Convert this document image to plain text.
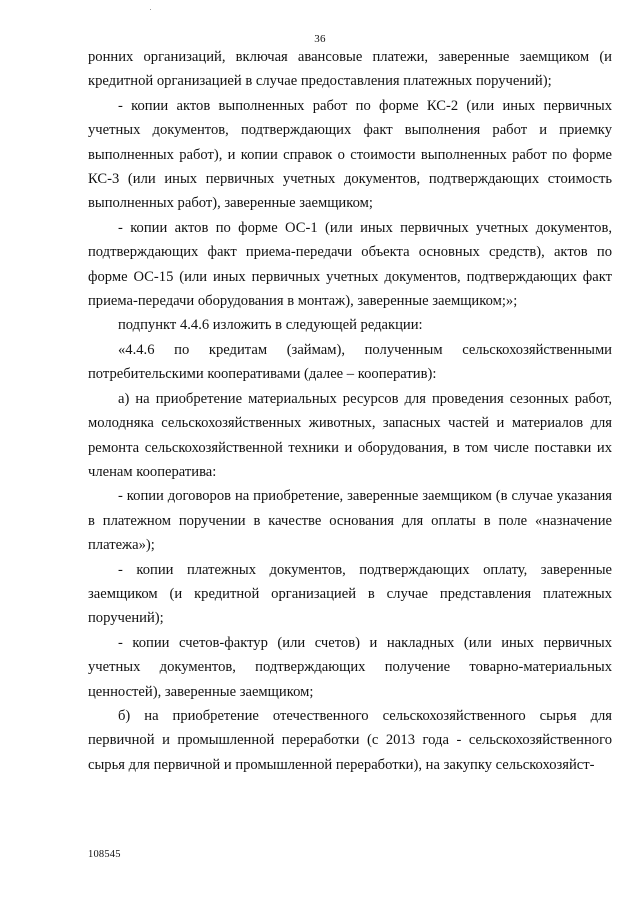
36

ронних организаций, включая авансовые платежи, заверенные заемщиком (и кредитной организацией в случае предоставления платежных поручений);

- копии актов выполненных работ по форме КС-2 (или иных первичных учетных документов, подтверждающих факт выполнения работ и приемку выполненных работ), и копии справок о стоимости выполненных работ по форме КС-3 (или иных первичных учетных документов, подтверждающих стоимость выполненных работ), заверенные заемщиком;

- копии актов по форме ОС-1 (или иных первичных учетных документов, подтверждающих факт приема-передачи объекта основных средств), актов по форме ОС-15 (или иных первичных учетных документов, подтверждающих факт приема-передачи оборудования в монтаж), заверенные заемщиком;»;

подпункт 4.4.6 изложить в следующей редакции:

«4.4.6 по кредитам (займам), полученным сельскохозяйственными потребительскими кооперативами (далее – кооператив):

а) на приобретение материальных ресурсов для проведения сезонных работ, молодняка сельскохозяйственных животных, запасных частей и материалов для ремонта сельскохозяйственной техники и оборудования, в том числе поставки их членам кооператива:

- копии договоров на приобретение, заверенные заемщиком (в случае указания в платежном поручении в качестве основания для оплаты в поле «назначение платежа»);

- копии платежных документов, подтверждающих оплату, заверенные заемщиком (и кредитной организацией в случае представления платежных поручений);

- копии счетов-фактур (или счетов) и накладных (или иных первичных учетных документов, подтверждающих получение товарно-материальных ценностей), заверенные заемщиком;

б) на приобретение отечественного сельскохозяйственного сырья для первичной и промышленной переработки (с 2013 года - сельскохозяйственного сырья для первичной и промышленной переработки), на закупку сельскохозяйст-

108545
